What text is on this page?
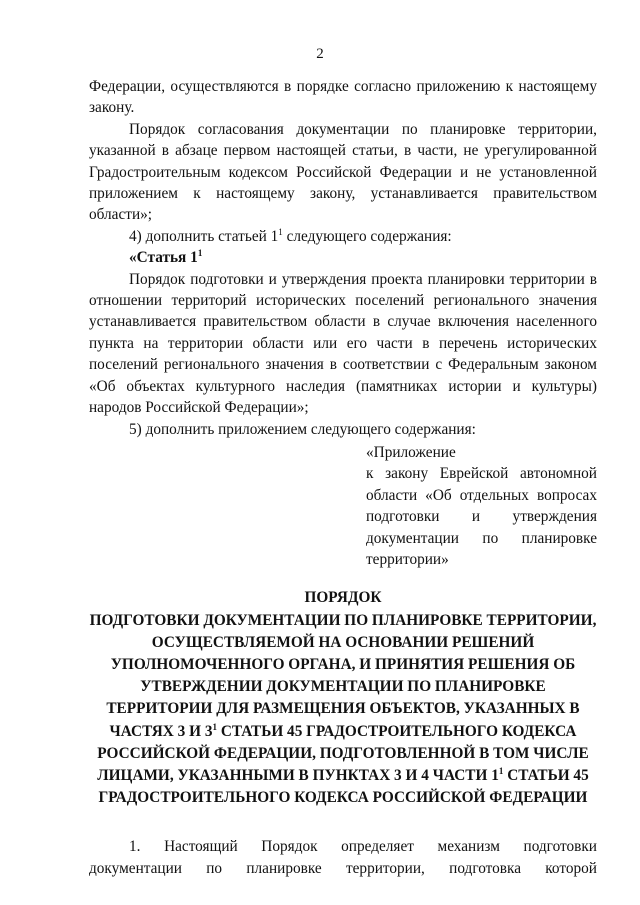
2

Федерации, осуществляются в порядке согласно приложению к настоящему закону.

Порядок согласования документации по планировке территории, указанной в абзаце первом настоящей статьи, в части, не урегулированной Градостроительным кодексом Российской Федерации и не установленной приложением к настоящему закону, устанавливается правительством области»;

4) дополнить статьей $1^1$ следующего содержания:

«Статья $1^1$

Порядок подготовки и утверждения проекта планировки территории в отношении территорий исторических поселений регионального значения устанавливается правительством области в случае включения населенного пункта на территории области или его части в перечень исторических поселений регионального значения в соответствии с Федеральным законом «Об объектах культурного наследия (памятниках истории и культуры) народов Российской Федерации»;

5) дополнить приложением следующего содержания:

«Приложение

к закону Еврейской автономной области «Об отдельных вопросах подготовки и утверждения документации по планировке территории»

ПОРЯДОК

ПОДГОТОВКИ ДОКУМЕНТАЦИИ ПО ПЛАНИРОВКЕ ТЕРРИТОРИИ, ОСУЩЕСТВЛЯЕМОЙ НА ОСНОВАНИИ РЕШЕНИЙ УПОЛНОМОЧЕННОГО ОРГАНА, И ПРИНЯТИЯ РЕШЕНИЯ ОБ УТВЕРЖДЕНИИ ДОКУМЕНТАЦИИ ПО ПЛАНИРОВКЕ ТЕРРИТОРИИ ДЛЯ РАЗМЕЩЕНИЯ ОБЪЕКТОВ, УКАЗАННЫХ В ЧАСТЯХ 3 И $3^1$ СТАТЬИ 45 ГРАДОСТРОИТЕЛЬНОГО КОДЕКСА РОССИЙСКОЙ ФЕДЕРАЦИИ, ПОДГОТОВЛЕННОЙ В ТОМ ЧИСЛЕ ЛИЦАМИ, УКАЗАННЫМИ В ПУНКТАХ 3 И 4 ЧАСТИ $1^1$ СТАТЬИ 45 ГРАДОСТРОИТЕЛЬНОГО КОДЕКСА РОССИЙСКОЙ ФЕДЕРАЦИИ

1. Настоящий Порядок определяет механизм подготовки

документации по планировке территории, подготовка которой
